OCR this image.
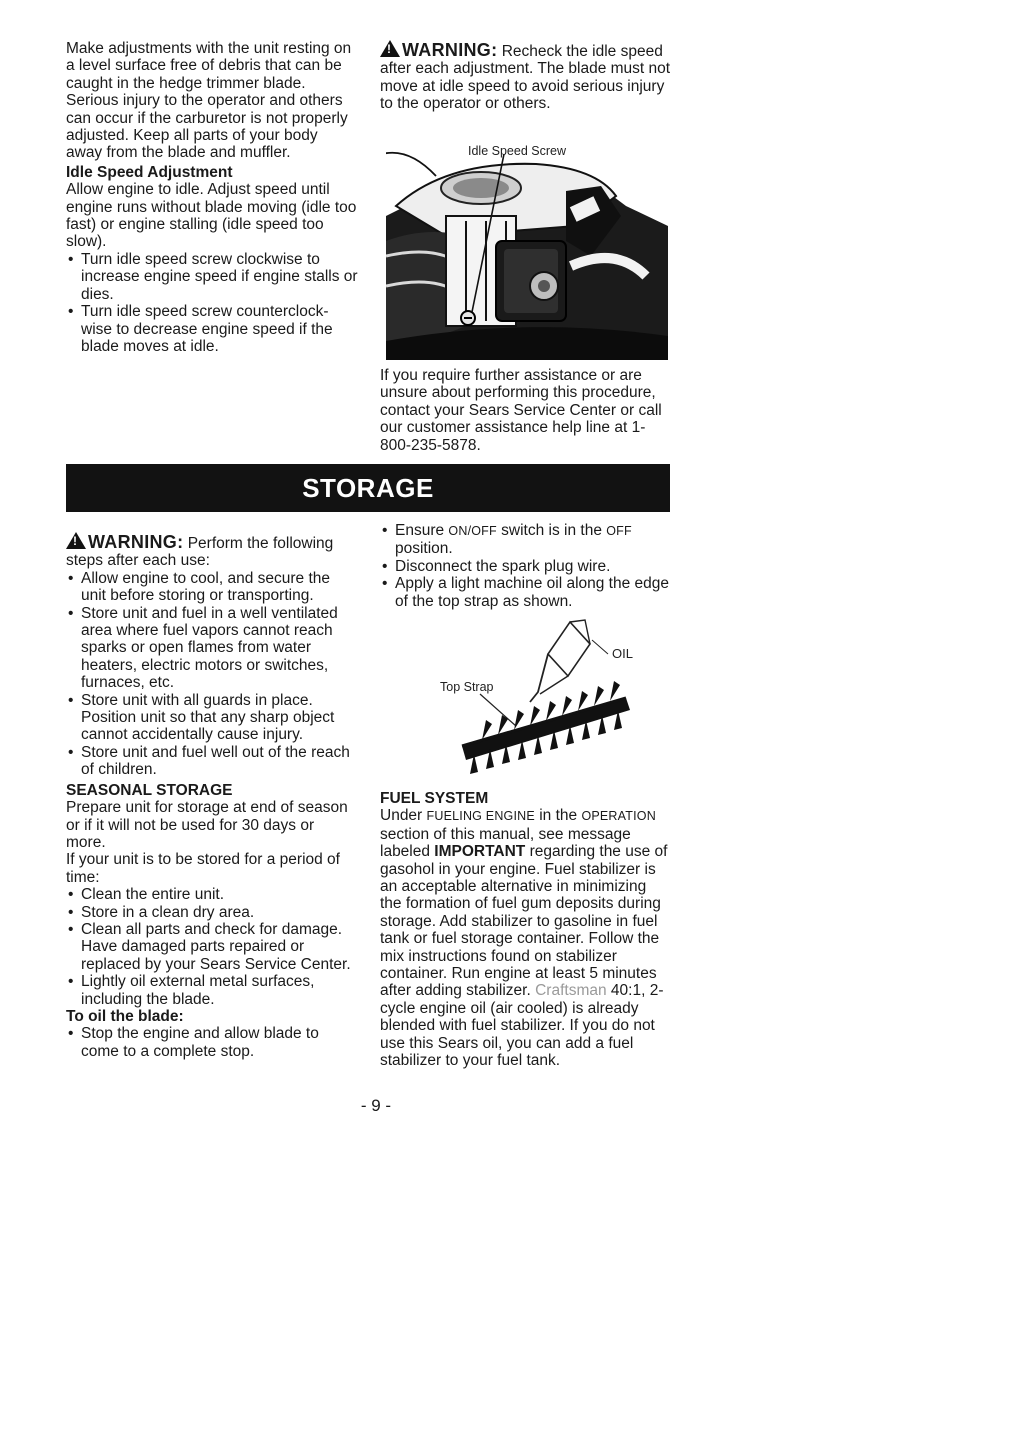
Make adjustments with the unit resting on a level surface free of debris that can be caught in the hedge trimmer blade. Serious injury to the operator and others can occur if the carburetor is not properly adjusted. Keep all parts of your body away from the blade and muffler.

Idle Speed Adjustment

Allow engine to idle. Adjust speed until engine runs without blade moving (idle too fast) or engine stalling (idle speed too slow).

• Turn idle speed screw clockwise to increase engine speed if engine stalls or dies.
• Turn idle speed screw counterclock-wise to decrease engine speed if the blade moves at idle.

!WARNING: Recheck the idle speed after each adjustment. The blade must not move at idle speed to avoid serious injury to the operator or others.

Idle Speed Screw

If you require further assistance or are unsure about performing this procedure, contact your Sears Service Center or call our customer assistance help line at 1-800-235-5878.

STORAGE

!WARNING: Perform the following steps after each use:

• Allow engine to cool, and secure the unit before storing or transporting.
• Store unit and fuel in a well ventilated area where fuel vapors cannot reach sparks or open flames from water heaters, electric motors or switches, furnaces, etc.
• Store unit with all guards in place. Position unit so that any sharp object cannot accidentally cause injury.
• Store unit and fuel well out of the reach of children.

SEASONAL STORAGE

Prepare unit for storage at end of season or if it will not be used for 30 days or more.

If your unit is to be stored for a period of time:

• Clean the entire unit.
• Store in a clean dry area.
• Clean all parts and check for damage. Have damaged parts repaired or replaced by your Sears Service Center.
• Lightly oil external metal surfaces, including the blade.

To oil the blade:

• Stop the engine and allow blade to come to a complete stop.
• Ensure ON/OFF switch is in the OFF position.
• Disconnect the spark plug wire.
• Apply a light machine oil along the edge of the top strap as shown.
OIL
Top Strap

FUEL SYSTEM

Under FUELING ENGINE in the OPERATION section of this manual, see message labeled IMPORTANT regarding the use of gasohol in your engine. Fuel stabilizer is an acceptable alternative in minimizing the formation of fuel gum deposits during storage. Add stabilizer to gasoline in fuel tank or fuel storage container. Follow the mix instructions found on stabilizer container. Run engine at least 5 minutes after adding stabilizer. Craftsman 40:1, 2-cycle engine oil (air cooled) is already blended with fuel stabilizer. If you do not use this Sears oil, you can add a fuel stabilizer to your fuel tank.

- 9 -
